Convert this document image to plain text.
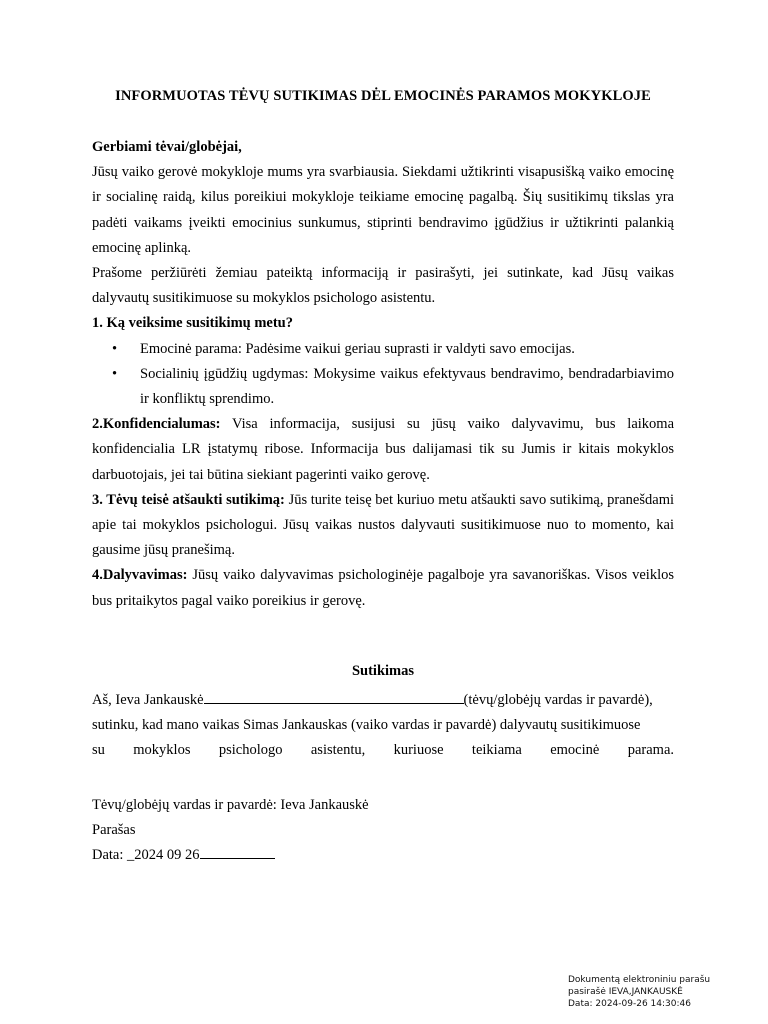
INFORMUOTAS TĖVŲ SUTIKIMAS DĖL EMOCINĖS PARAMOS MOKYKLOJE

Gerbiami tėvai/globėjai,

Jūsų vaiko gerovė mokykloje mums yra svarbiausia. Siekdami užtikrinti visapusišką vaiko emocinę ir socialinę raidą, kilus poreikiui mokykloje teikiame emocinę pagalbą. Šių susitikimų tikslas yra padėti vaikams įveikti emocinius sunkumus, stiprinti bendravimo įgūdžius ir užtikrinti palankią emocinę aplinką.

Prašome peržiūrėti žemiau pateiktą informaciją ir pasirašyti, jei sutinkate, kad Jūsų vaikas dalyvautų susitikimuose su mokyklos psichologo asistentu.

1. Ką veiksime susitikimų metu?

• Emocinė parama: Padėsime vaikui geriau suprasti ir valdyti savo emocijas.
• Socialinių įgūdžių ugdymas: Mokysime vaikus efektyvaus bendravimo, bendradarbiavimo ir konfliktų sprendimo.

2.Konfidencialumas: Visa informacija, susijusi su jūsų vaiko dalyvavimu, bus laikoma konfidencialia LR įstatymų ribose. Informacija bus dalijamasi tik su Jumis ir kitais mokyklos darbuotojais, jei tai būtina siekiant pagerinti vaiko gerovę.

3. Tėvų teisė atšaukti sutikimą: Jūs turite teisę bet kuriuo metu atšaukti savo sutikimą, pranešdami apie tai mokyklos psichologui. Jūsų vaikas nustos dalyvauti susitikimuose nuo to momento, kai gausime jūsų pranešimą.

4.Dalyvavimas: Jūsų vaiko dalyvavimas psichologinėje pagalboje yra savanoriškas. Visos veiklos bus pritaikytos pagal vaiko poreikius ir gerovę.

Sutikimas

Aš, Ieva Jankauskė	(tėvų/globėjų vardas ir pavardė),

sutinku, kad mano vaikas Simas Jankauskas (vaiko vardas ir pavardė) dalyvautų susitikimuose

su mokyklos psichologo asistentu, kuriuose teikiama emocinė parama.

Tėvų/globėjų vardas ir pavardė: Ieva Jankauskė

Parašas

Data: _2024 09 26

Dokumentą elektroniniu parašu
pasirašė IEVA,JANKAUSKĖ
Data: 2024-09-26 14:30:46
